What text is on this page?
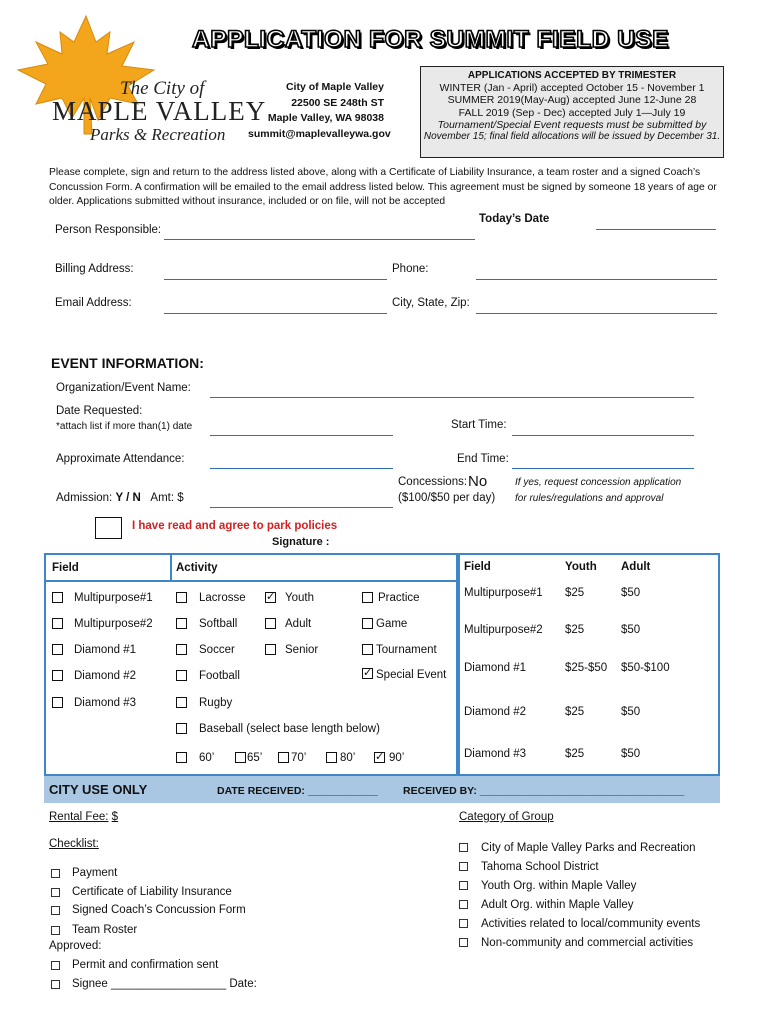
The City of
MAPLE VALLEY
Parks & Recreation
APPLICATION FOR SUMMIT FIELD USE
City of Maple Valley
22500 SE 248th ST
Maple Valley, WA 98038
summit@maplevalleywa.gov
APPLICATIONS ACCEPTED BY TRIMESTER
WINTER (Jan - April) accepted October 15 - November 1
SUMMER 2019(May-Aug) accepted June 12-June 28
FALL 2019 (Sep - Dec) accepted July 1—July 19
Tournament/Special Event requests must be submitted by
November 15; final field allocations will be issued by December 31.
Please complete, sign and return to the address listed above, along with a Certificate of Liability Insurance, a team roster and a signed Coach’s
Concussion Form. A confirmation will be emailed to the email address listed below. This agreement must be signed by someone 18 years of age or
older. Applications submitted without insurance, included or on file, will not be accepted
Today’s Date
Person Responsible:
Billing Address:	Phone:
Email Address:	City, State, Zip:
EVENT INFORMATION:
Organization/Event Name:
Date Requested:
*attach list if more than(1) date	Start Time:
Approximate Attendance:	End Time:
Concessions: No
($100/$50 per day)
If yes, request concession application
for rules/regulations and approval
Admission: Y / N Amt: $
I have read and agree to park policies
Signature :
Field	Activity
Multipurpose#1
Multipurpose#2
Diamond #1
Diamond #2
Diamond #3
Lacrosse
Softball
Soccer
Football
Rugby
Baseball (select base length below)
60’	65’ 70’	80’
✓	90’
✓
Youth
Adult
Senior
Practice
Game
Tournament
✓
Special Event
Field	Youth Adult
Multipurpose#1 $25	$50
Multipurpose#2 $25	$50
Diamond #1	$25-$50 $50-$100
Diamond #2	$25	$50
Diamond #3	$25	$50
CITY USE ONLY	DATE RECEIVED: ____________ RECEIVED BY: ___________________________________
Rental Fee: $	Category of Group
Checklist:
Payment
Certificate of Liability Insurance
Signed Coach’s Concussion Form
Team Roster
Approved:
Permit and confirmation sent
Signee __________________ Date:
City of Maple Valley Parks and Recreation
Tahoma School District
Youth Org. within Maple Valley
Adult Org. within Maple Valley
Activities related to local/community events
Non-community and commercial activities
